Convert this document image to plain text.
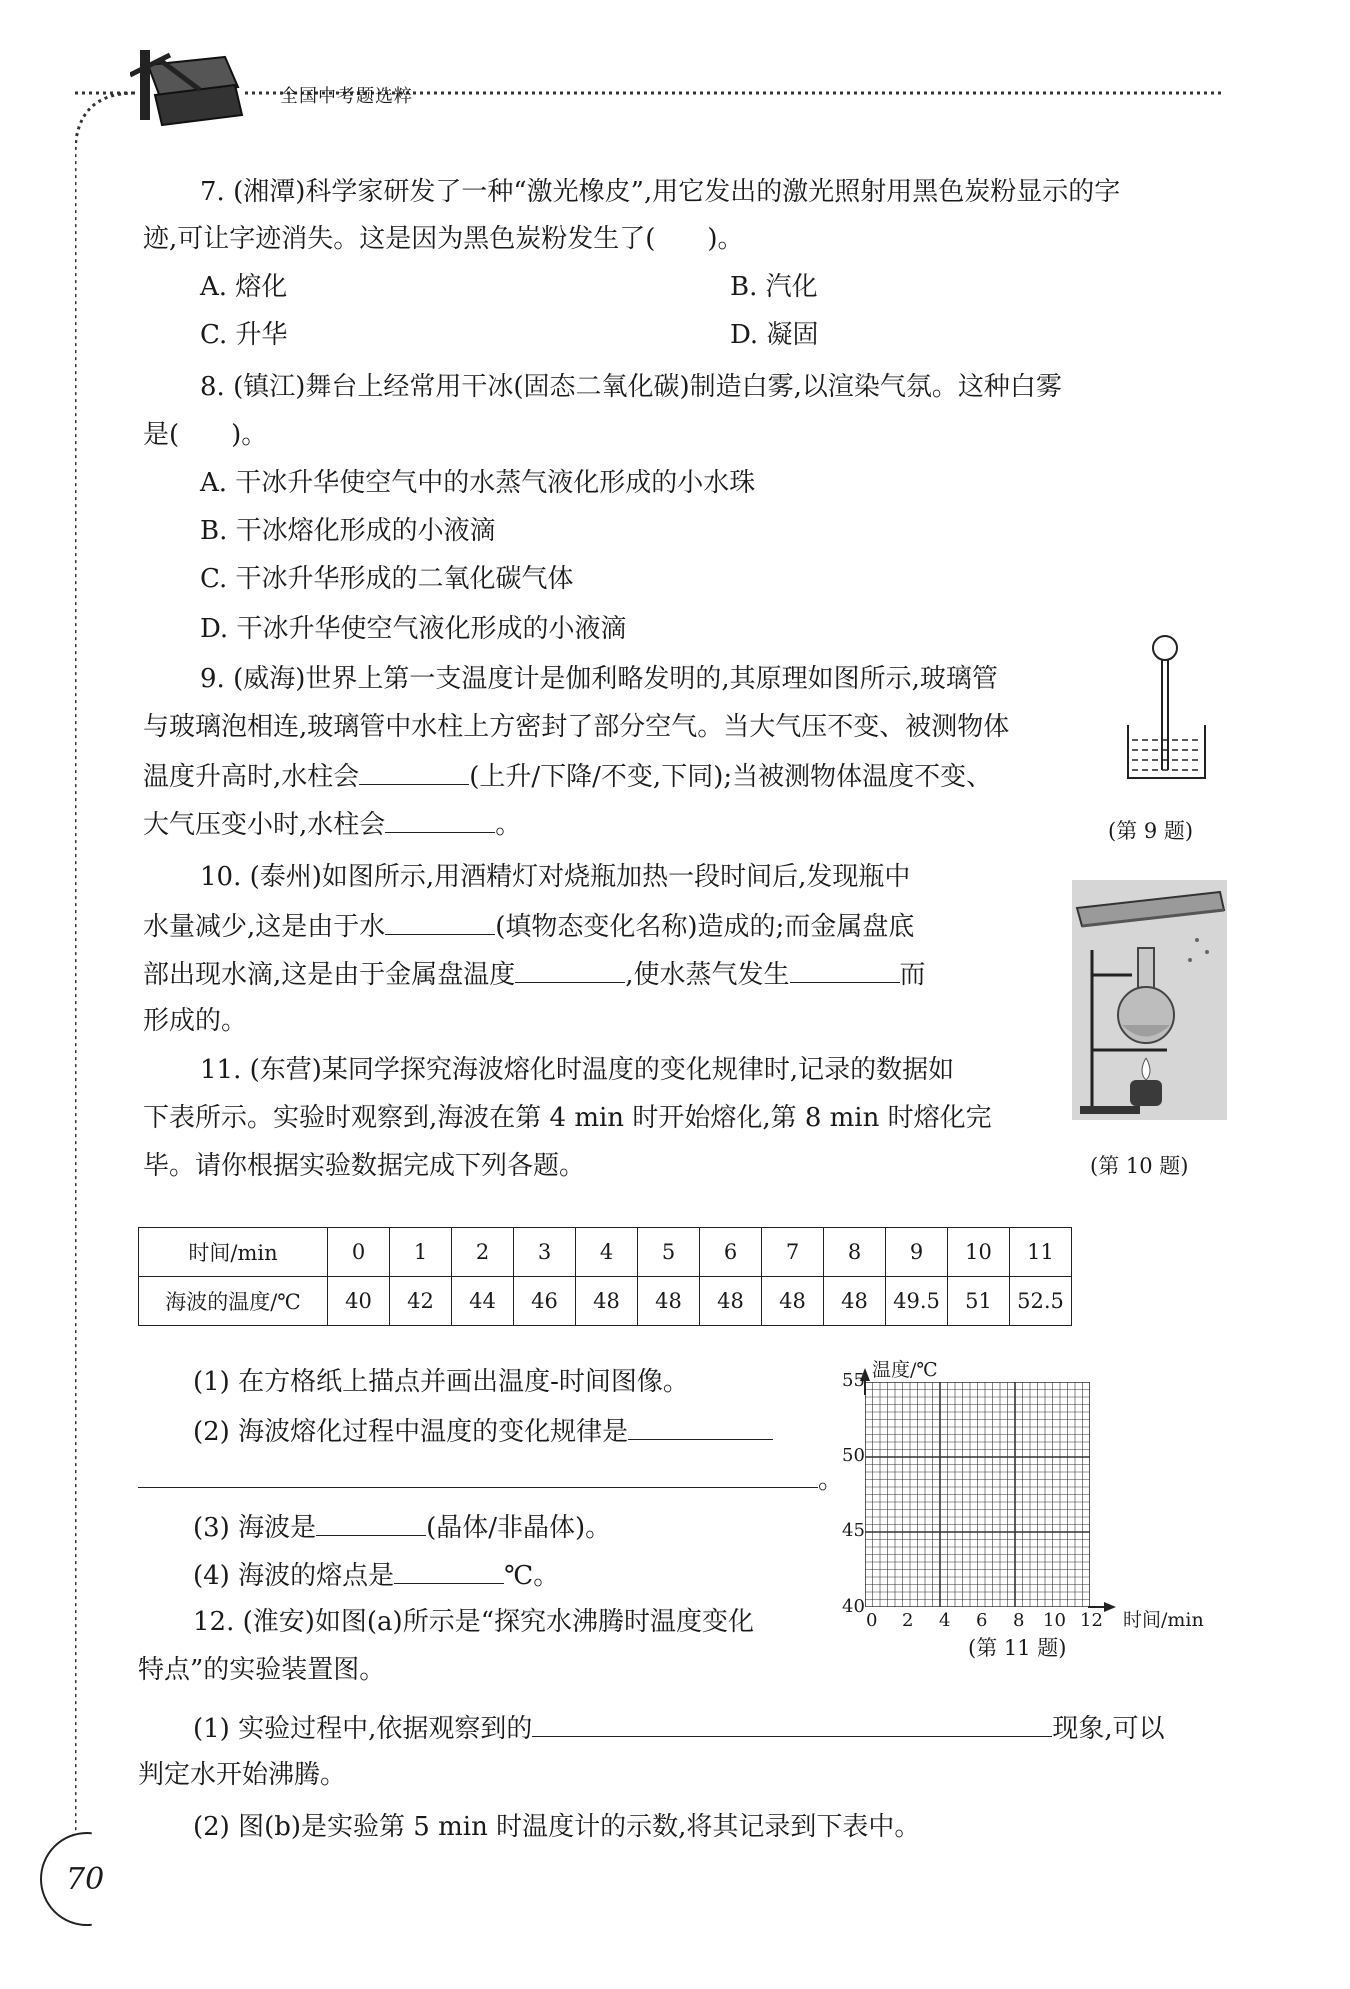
全国中考题选粹
7. (湘潭)科学家研发了一种“激光橡皮”,用它发出的激光照射用黑色炭粉显示的字
迹,可让字迹消失。这是因为黑色炭粉发生了(　　)。
A. 熔化	B. 汽化
C. 升华	D. 凝固
8. (镇江)舞台上经常用干冰(固态二氧化碳)制造白雾,以渲染气氛。这种白雾
是(　　)。
A. 干冰升华使空气中的水蒸气液化形成的小水珠
B. 干冰熔化形成的小液滴
C. 干冰升华形成的二氧化碳气体
D. 干冰升华使空气液化形成的小液滴
9. (威海)世界上第一支温度计是伽利略发明的,其原理如图所示,玻璃管
与玻璃泡相连,玻璃管中水柱上方密封了部分空气。当大气压不变、被测物体
温度升高时,水柱会	(上升/下降/不变,下同);当被测物体温度不变、
大气压变小时,水柱会	。	(第 9 题)
10. (泰州)如图所示,用酒精灯对烧瓶加热一段时间后,发现瓶中
水量减少,这是由于水	(填物态变化名称)造成的;而金属盘底
部出现水滴,这是由于金属盘温度	,使水蒸气发生	而
形成的。
(第 10 题)
11. (东营)某同学探究海波熔化时温度的变化规律时,记录的数据如
下表所示。实验时观察到,海波在第 4 min 时开始熔化,第 8 min 时熔化完
毕。请你根据实验数据完成下列各题。
时间/min	0	1	2	3	4	5	6	7	8	9	10	11
海波的温度/℃	40	42	44	46	48	48	48	48	48	49.5	51	52.5
(1) 在方格纸上描点并画出温度-时间图像。
(2) 海波熔化过程中温度的变化规律是
。
(3) 海波是	(晶体/非晶体)。
(4) 海波的熔点是	℃。
温度/℃
时间/min
55
50
45
40
0 2 4 6 8 10 12
(第 11 题)
12. (淮安)如图(a)所示是“探究水沸腾时温度变化
特点”的实验装置图。
(1) 实验过程中,依据观察到的	现象,可以
判定水开始沸腾。
(2) 图(b)是实验第 5 min 时温度计的示数,将其记录到下表中。
70
